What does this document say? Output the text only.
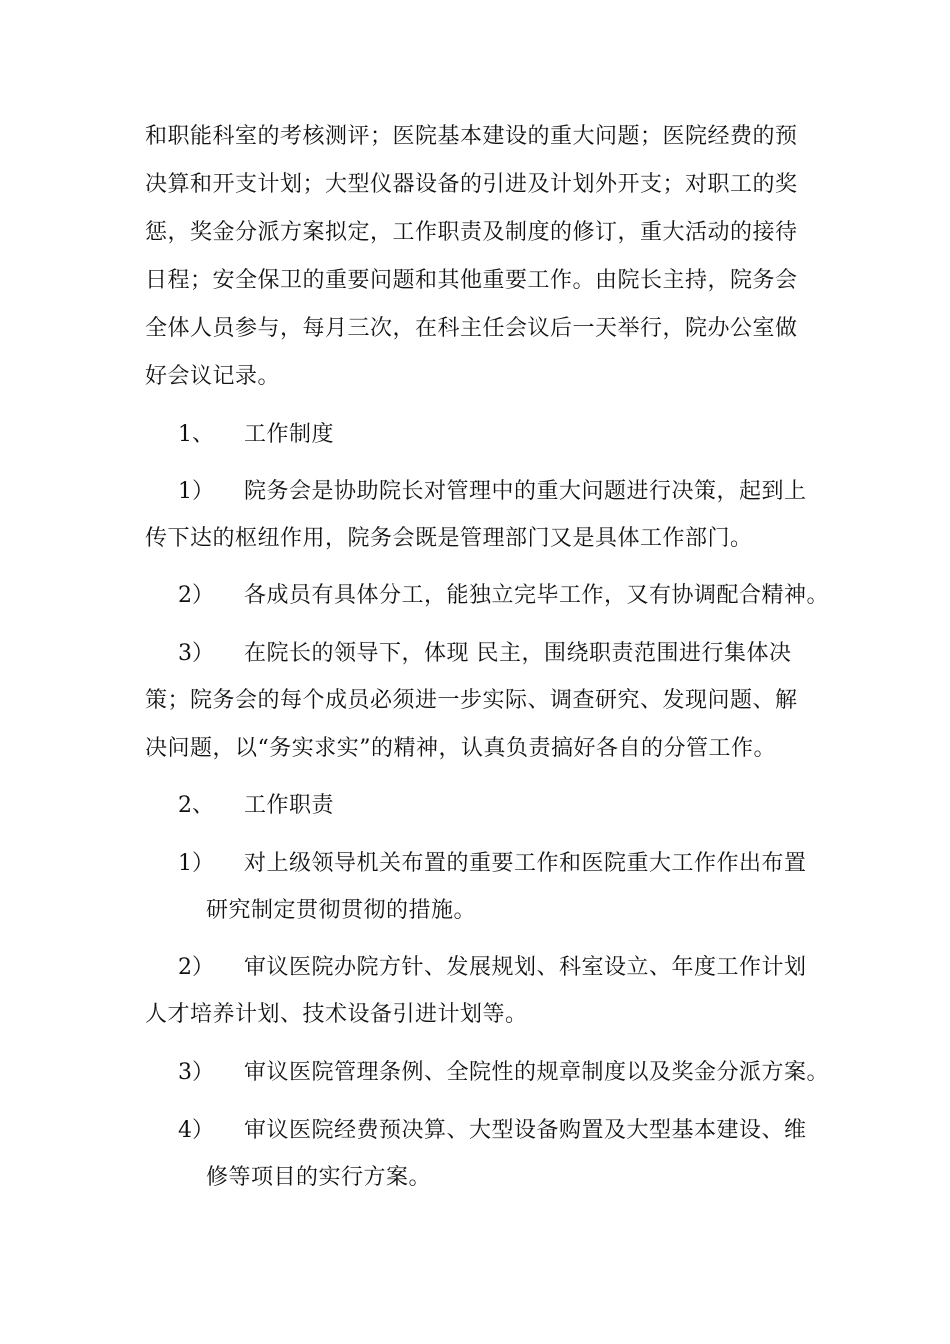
和职能科室的考核测评；医院基本建设的重大问题；医院经费的预
决算和开支计划；大型仪器设备的引进及计划外开支；对职工的奖
惩，奖金分派方案拟定，工作职责及制度的修订，重大活动的接待
日程；安全保卫的重要问题和其他重要工作。由院长主持，院务会
全体人员参与，每月三次，在科主任会议后一天举行，院办公室做
好会议记录。
1、 工作制度
1） 院务会是协助院长对管理中的重大问题进行决策，起到上
传下达的枢纽作用，院务会既是管理部门又是具体工作部门。
2） 各成员有具体分工，能独立完毕工作，又有协调配合精神。
3） 在院长的领导下，体现 民主，围绕职责范围进行集体决
策；院务会的每个成员必须进一步实际、调查研究、发现问题、解
决问题，以“务实求实”的精神，认真负责搞好各自的分管工作。
2、 工作职责
1） 对上级领导机关布置的重要工作和医院重大工作作出布置
研究制定贯彻贯彻的措施。
2） 审议医院办院方针、发展规划、科室设立、年度工作计划
人才培养计划、技术设备引进计划等。
3） 审议医院管理条例、全院性的规章制度以及奖金分派方案。
4） 审议医院经费预决算、大型设备购置及大型基本建设、维
修等项目的实行方案。
